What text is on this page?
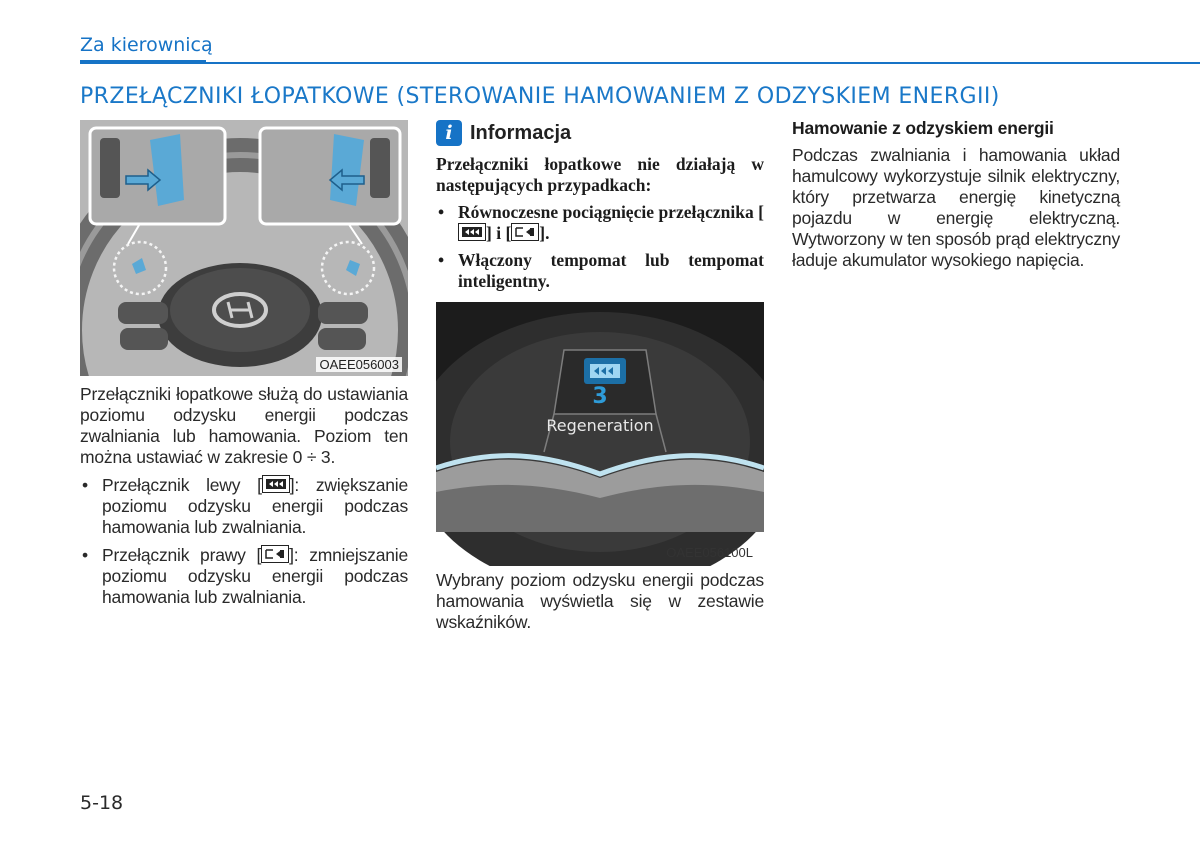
Za kierownicą
PRZEŁĄCZNIKI ŁOPATKOWE (STEROWANIE HAMOWANIEM Z ODZYSKIEM ENERGII)
OAEE056003

Przełączniki łopatkowe służą do ustawiania poziomu odzysku energii podczas zwalniania lub hamowania. Poziom ten można ustawiać w zakresie 0 ÷ 3.

• Przełącznik lewy [ ]: zwiększanie poziomu odzysku energii podczas hamowania lub zwalniania.
• Przełącznik prawy [ ]: zmniejszanie poziomu odzysku energii podczas hamowania lub zwalniania.
i Informacja

Przełączniki łopatkowe nie działają w następujących przypadkach:

• Równoczesne pociągnięcie przełącznika [
] i [ ].
• Włączony tempomat lub tempomat inteligentny.
3
Regeneration
OAEE056100L

Wybrany poziom odzysku energii podczas hamowania wyświetla się w zestawie wskaźników.

Hamowanie z odzyskiem energii

Podczas zwalniania i hamowania układ hamulcowy wykorzystuje silnik elektryczny, który przetwarza energię kinetyczną pojazdu w energię elektryczną. Wytworzony w ten sposób prąd elektryczny ładuje akumulator wysokiego napięcia.

5-18
